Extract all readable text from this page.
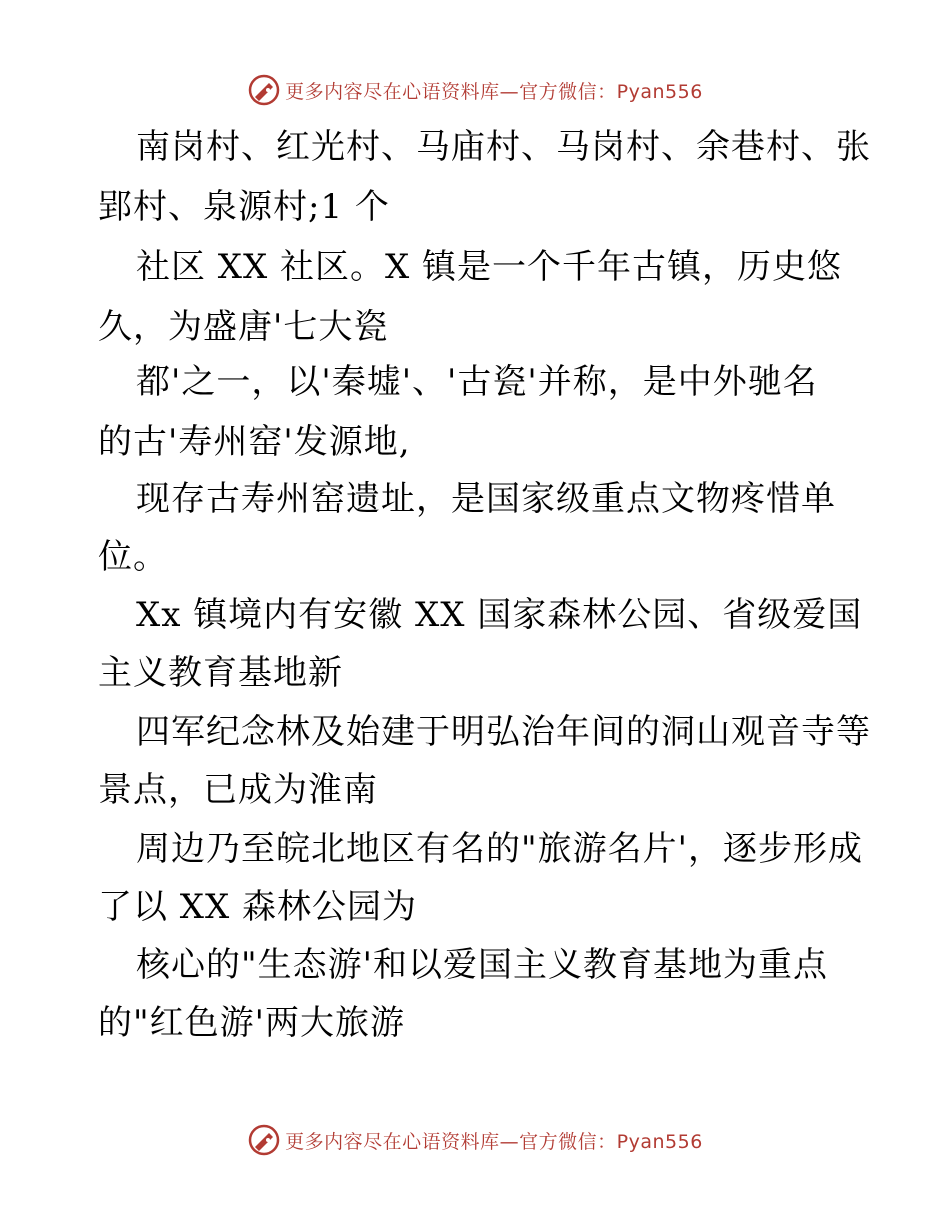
更多内容尽在心语资料库—官方微信：Pyan556
南岗村、红光村、马庙村、马岗村、余巷村、张
郢村、泉源村;1 个
社区 XX 社区。X 镇是一个千年古镇，历史悠
久，为盛唐'七大瓷
都'之一，以'秦墟'、'古瓷'并称，是中外驰名
的古'寿州窑'发源地,
现存古寿州窑遗址，是国家级重点文物疼惜单
位。
Xx 镇境内有安徽 XX 国家森林公园、省级爱国
主义教育基地新
四军纪念林及始建于明弘治年间的洞山观音寺等
景点，已成为淮南
周边乃至皖北地区有名的"旅游名片'，逐步形成
了以 XX 森林公园为
核心的"生态游'和以爱国主义教育基地为重点
的"红色游'两大旅游
更多内容尽在心语资料库—官方微信：Pyan556
